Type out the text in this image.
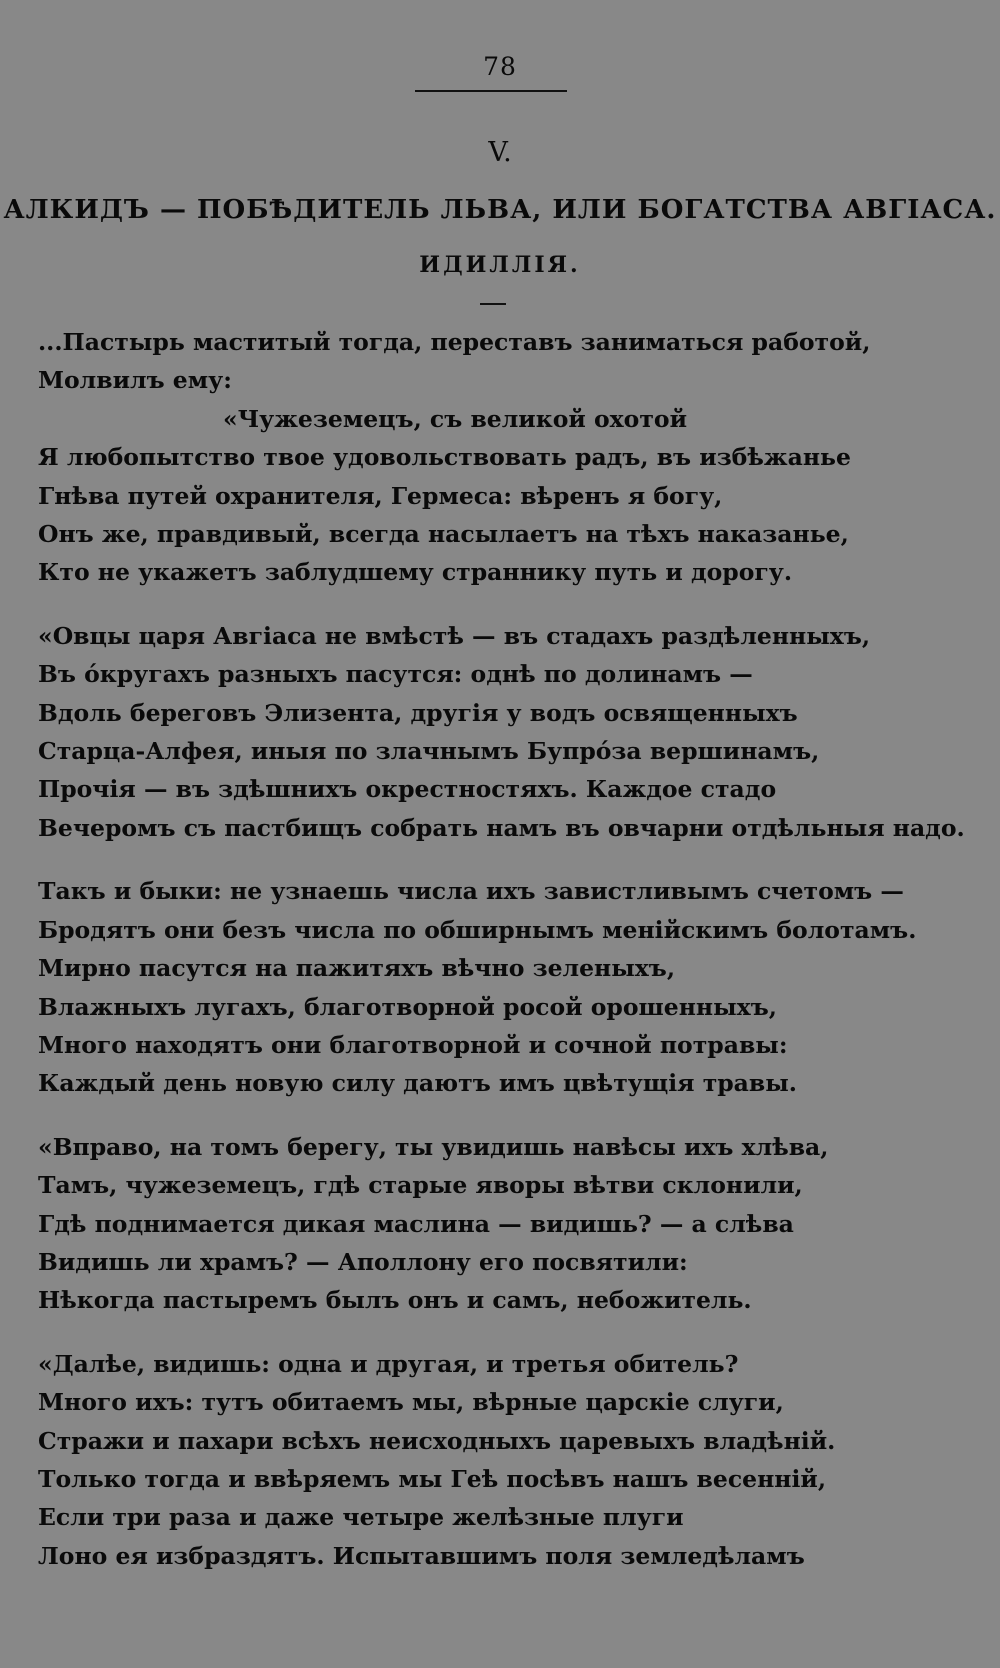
78
V.
АЛКИДЪ — ПОБѢДИТЕЛЬ ЛЬВА, ИЛИ БОГАТСТВА АВГІАСА.
ИДИЛЛІЯ.
...Пастырь маститый тогда, переставъ заниматься работой,
Молвилъ ему:
«Чужеземецъ, съ великой охотой
Я любопытство твое удовольствовать радъ, въ избѣжанье
Гнѣва путей охранителя, Гермеса: вѣренъ я богу,
Онъ же, правдивый, всегда насылаетъ на тѣхъ наказанье,
Кто не укажетъ заблудшему страннику путь и дорогу.
«Овцы царя Авгіаса не вмѣстѣ — въ стадахъ раздѣленныхъ,
Въ óкругахъ разныхъ пасутся: однѣ по долинамъ —
Вдоль береговъ Элизента, другія у водъ освященныхъ
Старца-Алфея, иныя по злачнымъ Бупрóза вершинамъ,
Прочія — въ здѣшнихъ окрестностяхъ. Каждое стадо
Вечеромъ съ пастбищъ собрать намъ въ овчарни отдѣльныя надо.
Такъ и быки: не узнаешь числа ихъ завистливымъ счетомъ —
Бродятъ они безъ числа по обширнымъ менійскимъ болотамъ.
Мирно пасутся на пажитяхъ вѣчно зеленыхъ,
Влажныхъ лугахъ, благотворной росой орошенныхъ,
Много находятъ они благотворной и сочной потравы:
Каждый день новую силу даютъ имъ цвѣтущія травы.
«Вправо, на томъ берегу, ты увидишь навѣсы ихъ хлѣва,
Тамъ, чужеземецъ, гдѣ старые яворы вѣтви склонили,
Гдѣ поднимается дикая маслина — видишь? — а слѣва
Видишь ли храмъ? — Аполлону его посвятили:
Нѣкогда пастыремъ былъ онъ и самъ, небожитель.
«Далѣе, видишь: одна и другая, и третья обитель?
Много ихъ: тутъ обитаемъ мы, вѣрные царскіе слуги,
Стражи и пахари всѣхъ неисходныхъ царевыхъ владѣній.
Только тогда и ввѣряемъ мы Геѣ посѣвъ нашъ весенній,
Если три раза и даже четыре желѣзные плуги
Лоно ея избраздятъ. Испытавшимъ поля земледѣламъ
